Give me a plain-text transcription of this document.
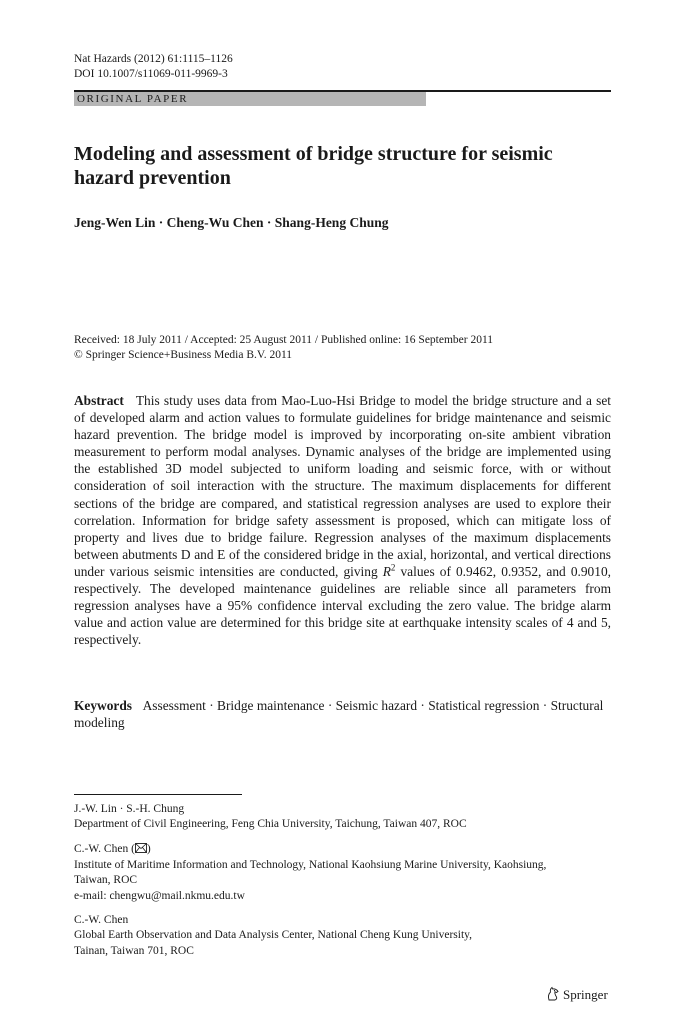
Nat Hazards (2012) 61:1115–1126
DOI 10.1007/s11069-011-9969-3
ORIGINAL PAPER
Modeling and assessment of bridge structure for seismic hazard prevention
Jeng-Wen Lin · Cheng-Wu Chen · Shang-Heng Chung
Received: 18 July 2011 / Accepted: 25 August 2011 / Published online: 16 September 2011
© Springer Science+Business Media B.V. 2011

Abstract This study uses data from Mao-Luo-Hsi Bridge to model the bridge structure and a set of developed alarm and action values to formulate guidelines for bridge maintenance and seismic hazard prevention. The bridge model is improved by incorporating on-site ambient vibration measurement to perform modal analyses. Dynamic analyses of the bridge are implemented using the established 3D model subjected to uniform loading and seismic force, with or without consideration of soil interaction with the structure. The maximum displacements for different sections of the bridge are compared, and statistical regression analyses are used to explore their correlation. Information for bridge safety assessment is proposed, which can mitigate loss of property and lives due to bridge failure. Regression analyses of the maximum displacements between abutments D and E of the considered bridge in the axial, horizontal, and vertical directions under various seismic intensities are conducted, giving $R^2$ values of 0.9462, 0.9352, and 0.9010, respectively. The developed maintenance guidelines are reliable since all parameters from regression analyses have a 95% confidence interval excluding the zero value. The bridge alarm value and action value are determined for this bridge site at earthquake intensity scales of 4 and 5, respectively.

Keywords Assessment · Bridge maintenance · Seismic hazard · Statistical regression · Structural modeling

J.-W. Lin · S.-H. Chung
Department of Civil Engineering, Feng Chia University, Taichung, Taiwan 407, ROC
C.-W. Chen ( )
Institute of Maritime Information and Technology, National Kaohsiung Marine University, Kaohsiung,
Taiwan, ROC
e-mail: chengwu@mail.nkmu.edu.tw
C.-W. Chen
Global Earth Observation and Data Analysis Center, National Cheng Kung University,
Tainan, Taiwan 701, ROC
Springer
